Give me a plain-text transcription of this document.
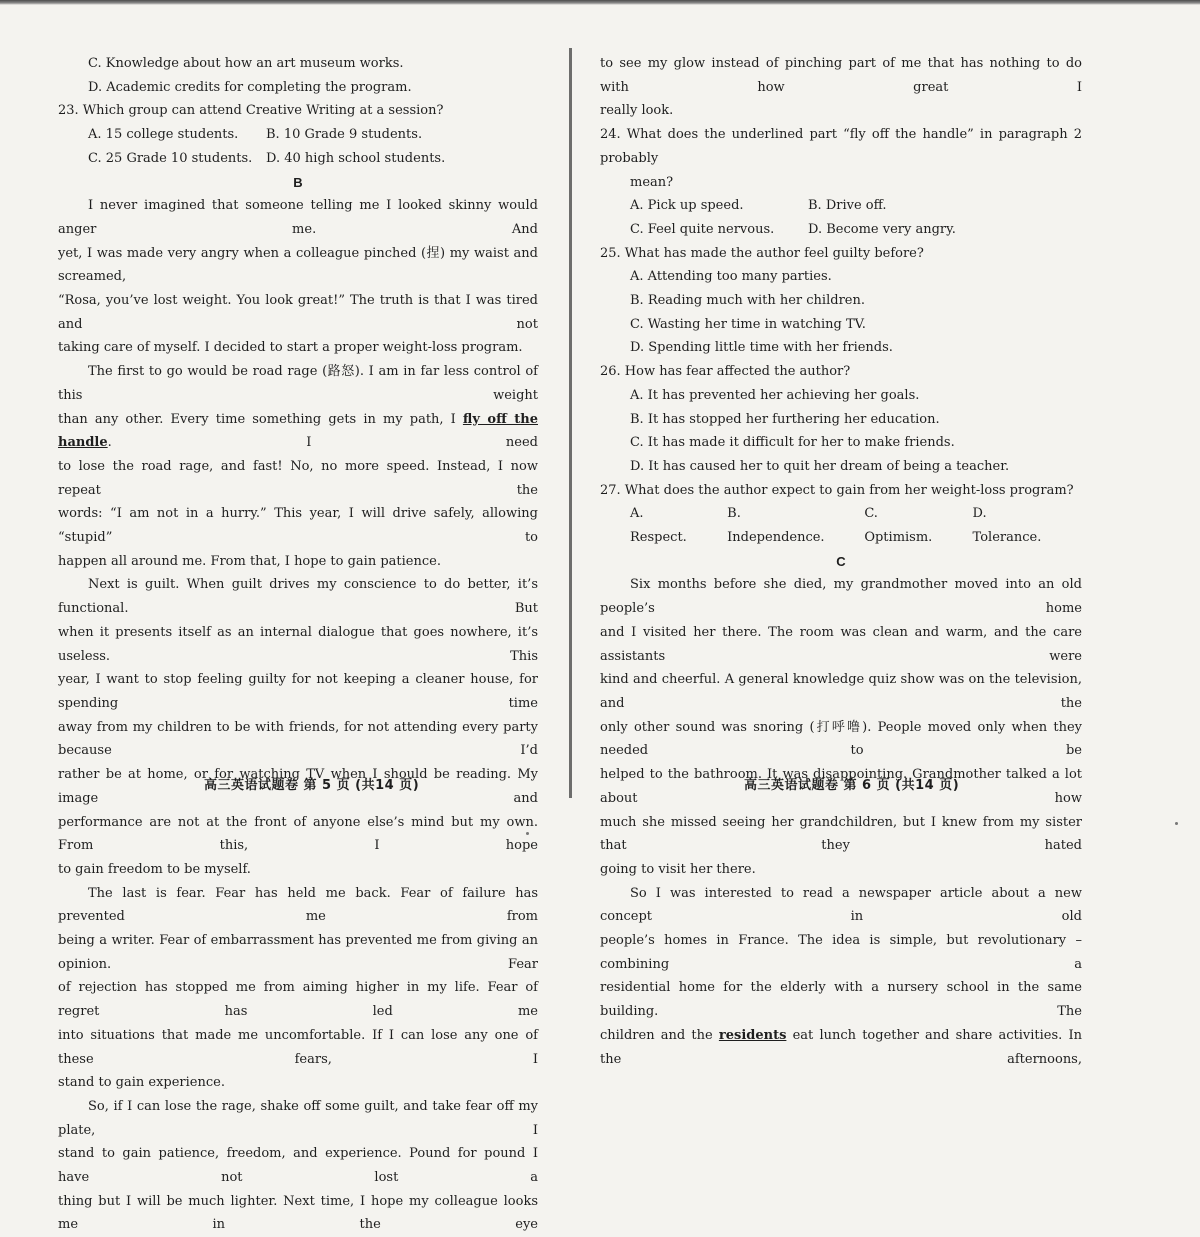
C. Knowledge about how an art museum works.

D. Academic credits for completing the program.

23. Which group can attend Creative Writing at a session?

A. 15 college students.	B. 10 Grade 9 students.

C. 25 Grade 10 students.	D. 40 high school students.

B

I never imagined that someone telling me I looked skinny would anger me. And

yet, I was made very angry when a colleague pinched (捏) my waist and screamed,

“Rosa, you’ve lost weight. You look great!” The truth is that I was tired and not

taking care of myself. I decided to start a proper weight-loss program.

The first to go would be road rage (路怒). I am in far less control of this weight

than any other. Every time something gets in my path, I fly off the handle. I need

to lose the road rage, and fast! No, no more speed. Instead, I now repeat the

words: “I am not in a hurry.” This year, I will drive safely, allowing “stupid” to

happen all around me. From that, I hope to gain patience.

Next is guilt. When guilt drives my conscience to do better, it’s functional. But

when it presents itself as an internal dialogue that goes nowhere, it’s useless. This

year, I want to stop feeling guilty for not keeping a cleaner house, for spending time

away from my children to be with friends, for not attending every party because I’d

rather be at home, or for watching TV when I should be reading. My image and

performance are not at the front of anyone else’s mind but my own. From this, I hope

to gain freedom to be myself.

The last is fear. Fear has held me back. Fear of failure has prevented me from

being a writer. Fear of embarrassment has prevented me from giving an opinion. Fear

of rejection has stopped me from aiming higher in my life. Fear of regret has led me

into situations that made me uncomfortable. If I can lose any one of these fears, I

stand to gain experience.

So, if I can lose the rage, shake off some guilt, and take fear off my plate, I

stand to gain patience, freedom, and experience. Pound for pound I have not lost a

thing but I will be much lighter. Next time, I hope my colleague looks me in the eye

高三英语试题卷 第 5 页 (共14 页)

to see my glow instead of pinching part of me that has nothing to do with how great I

really look.

24. What does the underlined part “fly off the handle” in paragraph 2 probably

mean?

A. Pick up speed.	B. Drive off.

C. Feel quite nervous.	D. Become very angry.

25. What has made the author feel guilty before?

A. Attending too many parties.

B. Reading much with her children.

C. Wasting her time in watching TV.

D. Spending little time with her friends.

26. How has fear affected the author?

A. It has prevented her achieving her goals.

B. It has stopped her furthering her education.

C. It has made it difficult for her to make friends.

D. It has caused her to quit her dream of being a teacher.

27. What does the author expect to gain from her weight-loss program?

A. Respect.
B. Independence.
C. Optimism.
D. Tolerance.

C

Six months before she died, my grandmother moved into an old people’s home

and I visited her there. The room was clean and warm, and the care assistants were

kind and cheerful. A general knowledge quiz show was on the television, and the

only other sound was snoring (打呼噜). People moved only when they needed to be

helped to the bathroom. It was disappointing. Grandmother talked a lot about how

much she missed seeing her grandchildren, but I knew from my sister that they hated

going to visit her there.

So I was interested to read a newspaper article about a new concept in old

people’s homes in France. The idea is simple, but revolutionary – combining a

residential home for the elderly with a nursery school in the same building. The

children and the residents eat lunch together and share activities. In the afternoons,

高三英语试题卷 第 6 页 (共14 页)
